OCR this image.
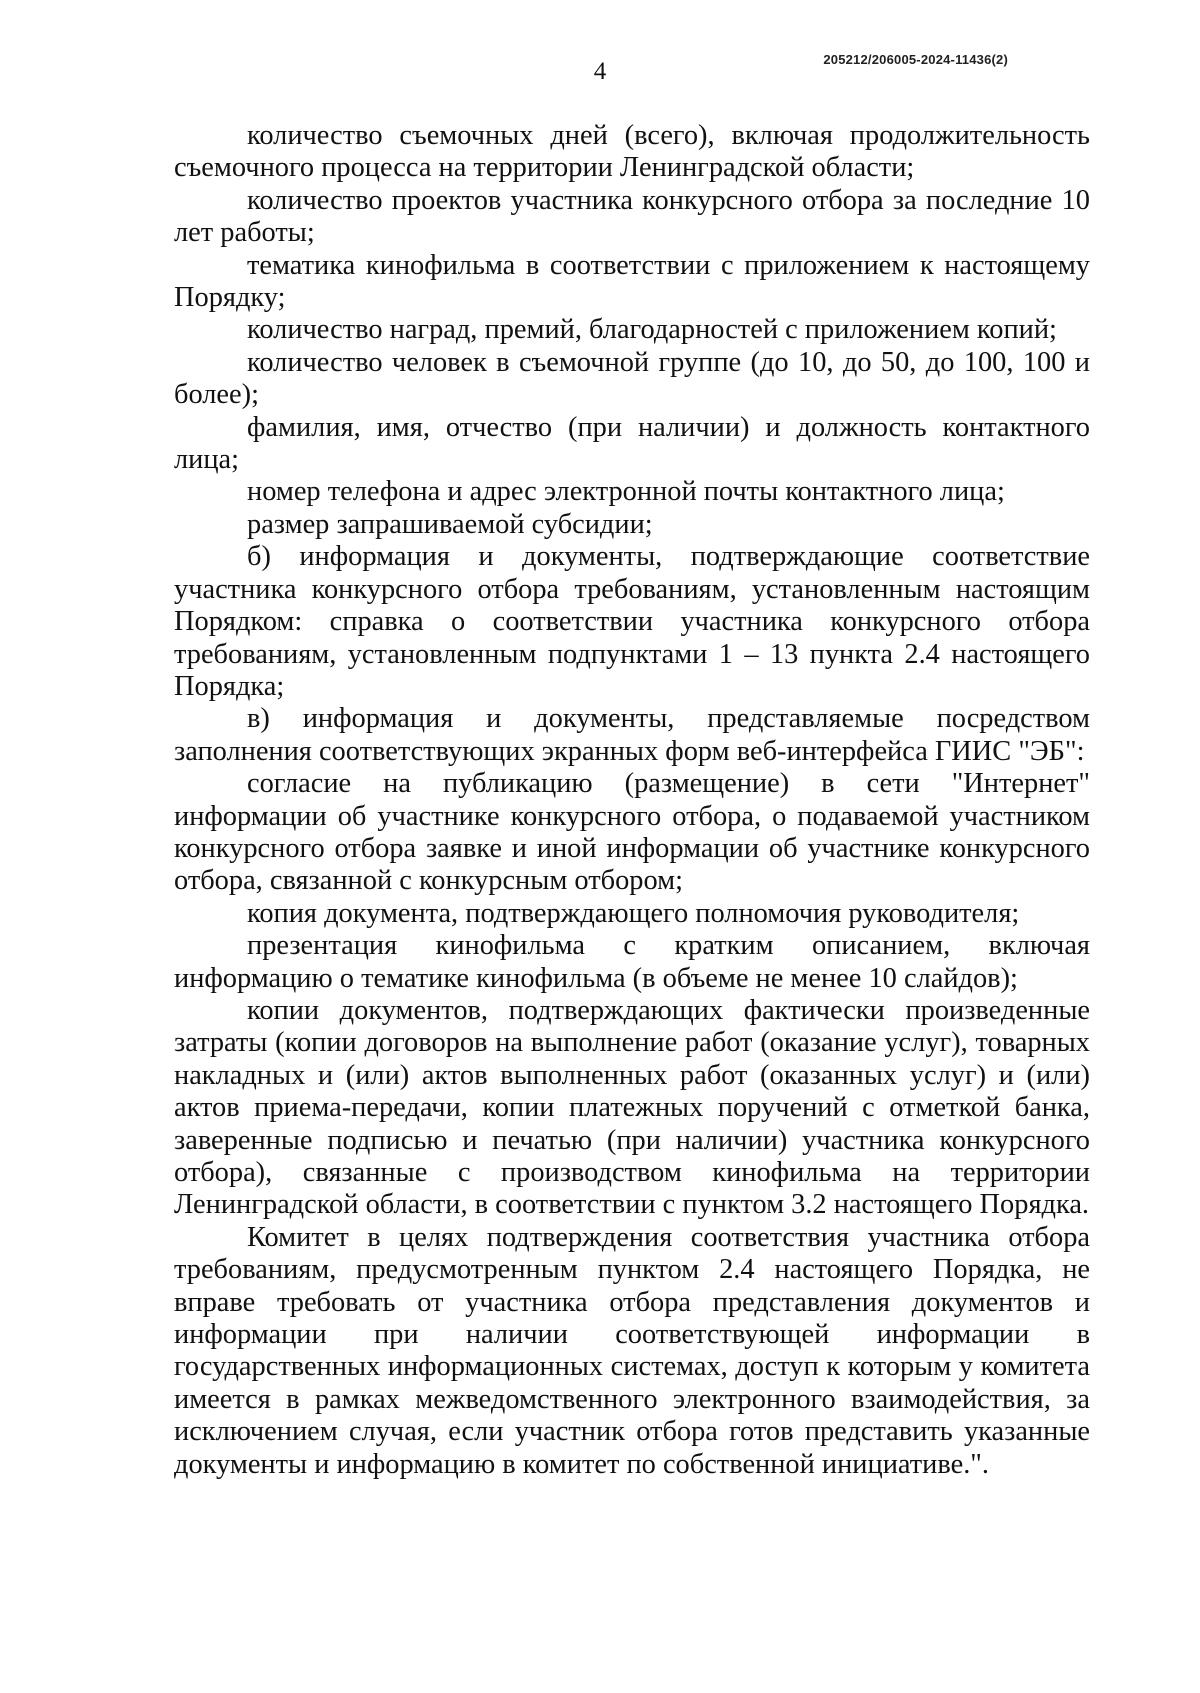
4	205212/206005-2024-11436(2)

количество съемочных дней (всего), включая продолжительность съемочного процесса на территории Ленинградской области;

количество проектов участника конкурсного отбора за последние 10 лет работы;

тематика кинофильма в соответствии с приложением к настоящему Порядку;

количество наград, премий, благодарностей с приложением копий;

количество человек в съемочной группе (до 10, до 50, до 100, 100 и более);

фамилия, имя, отчество (при наличии) и должность контактного лица;

номер телефона и адрес электронной почты контактного лица;

размер запрашиваемой субсидии;

б) информация и документы, подтверждающие соответствие участника конкурсного отбора требованиям, установленным настоящим Порядком: справка о соответствии участника конкурсного отбора требованиям, установленным подпунктами 1 – 13 пункта 2.4 настоящего Порядка;

в) информация и документы, представляемые посредством заполнения соответствующих экранных форм веб-интерфейса ГИИС "ЭБ":

согласие на публикацию (размещение) в сети "Интернет" информации об участнике конкурсного отбора, о подаваемой участником конкурсного отбора заявке и иной информации об участнике конкурсного отбора, связанной с конкурсным отбором;

копия документа, подтверждающего полномочия руководителя;

презентация кинофильма с кратким описанием, включая информацию о тематике кинофильма (в объеме не менее 10 слайдов);

копии документов, подтверждающих фактически произведенные затраты (копии договоров на выполнение работ (оказание услуг), товарных накладных и (или) актов выполненных работ (оказанных услуг) и (или) актов приема-передачи, копии платежных поручений с отметкой банка, заверенные подписью и печатью (при наличии) участника конкурсного отбора), связанные с производством кинофильма на территории Ленинградской области, в соответствии с пунктом 3.2 настоящего Порядка.

Комитет в целях подтверждения соответствия участника отбора требованиям, предусмотренным пунктом 2.4 настоящего Порядка, не вправе требовать от участника отбора представления документов и информации при наличии соответствующей информации в государственных информационных системах, доступ к которым у комитета имеется в рамках межведомственного электронного взаимодействия, за исключением случая, если участник отбора готов представить указанные документы и информацию в комитет по собственной инициативе.".
